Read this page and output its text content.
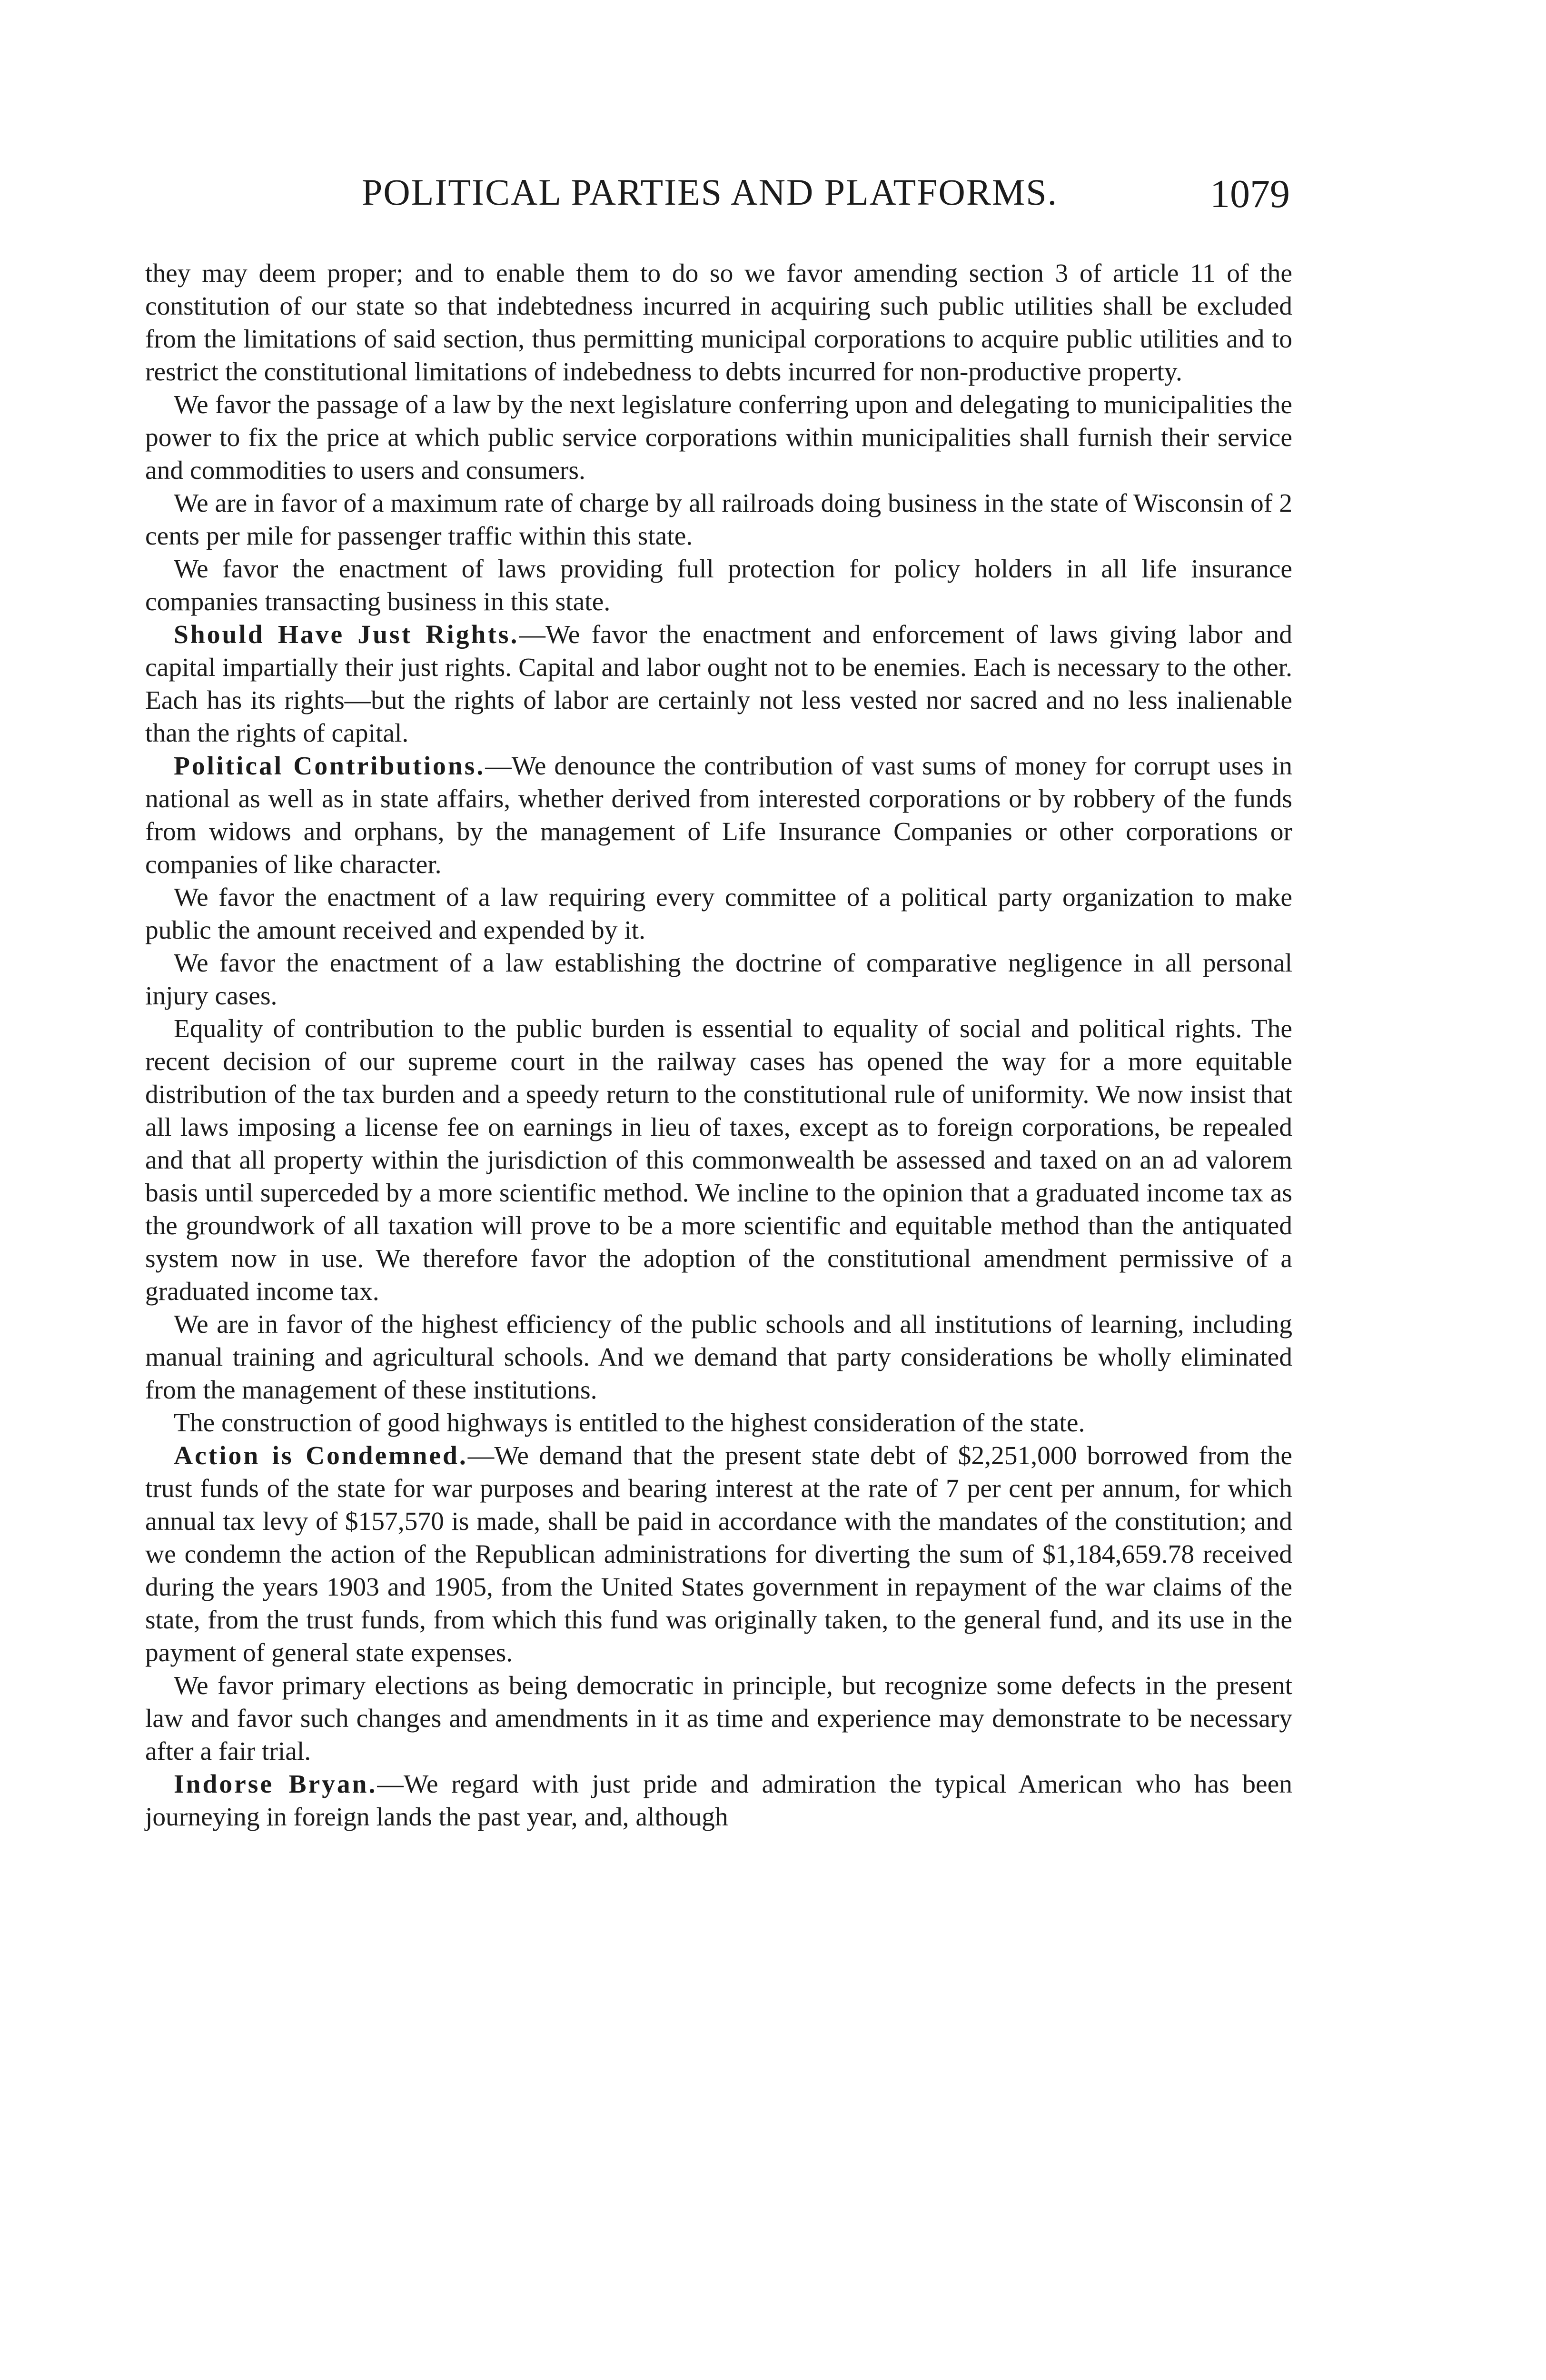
POLITICAL PARTIES AND PLATFORMS.	1079

they may deem proper; and to enable them to do so we favor amending section 3 of article 11 of the constitution of our state so that indebtedness incurred in acquiring such public utilities shall be excluded from the limitations of said section, thus permitting municipal corporations to acquire public utilities and to restrict the constitutional limitations of indebedness to debts incurred for non-productive property.

We favor the passage of a law by the next legislature conferring upon and delegating to municipalities the power to fix the price at which public service corporations within municipalities shall furnish their service and commodities to users and consumers.

We are in favor of a maximum rate of charge by all railroads doing business in the state of Wisconsin of 2 cents per mile for passenger traffic within this state.

We favor the enactment of laws providing full protection for policy holders in all life insurance companies transacting business in this state.

Should Have Just Rights.—We favor the enactment and enforcement of laws giving labor and capital impartially their just rights. Capital and labor ought not to be enemies. Each is necessary to the other. Each has its rights—but the rights of labor are certainly not less vested nor sacred and no less inalienable than the rights of capital.

Political Contributions.—We denounce the contribution of vast sums of money for corrupt uses in national as well as in state affairs, whether derived from interested corporations or by robbery of the funds from widows and orphans, by the management of Life Insurance Companies or other corporations or companies of like character.

We favor the enactment of a law requiring every committee of a political party organization to make public the amount received and expended by it.

We favor the enactment of a law establishing the doctrine of comparative negligence in all personal injury cases.

Equality of contribution to the public burden is essential to equality of social and political rights. The recent decision of our supreme court in the railway cases has opened the way for a more equitable distribution of the tax burden and a speedy return to the constitutional rule of uniformity. We now insist that all laws imposing a license fee on earnings in lieu of taxes, except as to foreign corporations, be repealed and that all property within the jurisdiction of this commonwealth be assessed and taxed on an ad valorem basis until superceded by a more scientific method. We incline to the opinion that a graduated income tax as the groundwork of all taxation will prove to be a more scientific and equitable method than the antiquated system now in use. We therefore favor the adoption of the constitutional amendment permissive of a graduated income tax.

We are in favor of the highest efficiency of the public schools and all institutions of learning, including manual training and agricultural schools. And we demand that party considerations be wholly eliminated from the management of these institutions.

The construction of good highways is entitled to the highest consideration of the state.

Action is Condemned.—We demand that the present state debt of $2,251,000 borrowed from the trust funds of the state for war purposes and bearing interest at the rate of 7 per cent per annum, for which annual tax levy of $157,570 is made, shall be paid in accordance with the mandates of the constitution; and we condemn the action of the Republican administrations for diverting the sum of $1,184,659.78 received during the years 1903 and 1905, from the United States government in repayment of the war claims of the state, from the trust funds, from which this fund was originally taken, to the general fund, and its use in the payment of general state expenses.

We favor primary elections as being democratic in principle, but recognize some defects in the present law and favor such changes and amendments in it as time and experience may demonstrate to be necessary after a fair trial.

Indorse Bryan.—We regard with just pride and admiration the typical American who has been journeying in foreign lands the past year, and, although
